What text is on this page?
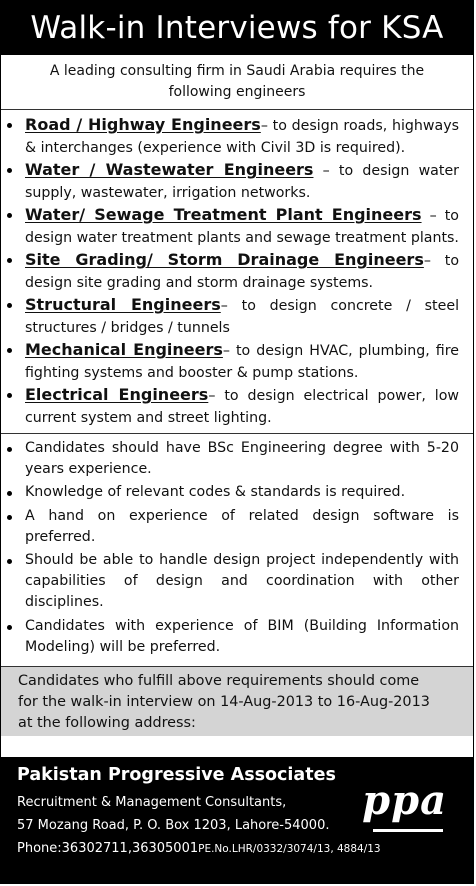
Walk-in Interviews for KSA
A leading consulting firm in Saudi Arabia requires the
following engineers
Road / Highway Engineers– to design roads, highways & interchanges (experience with Civil 3D is required).
Water / Wastewater Engineers – to design water supply, wastewater, irrigation networks.
Water/ Sewage Treatment Plant Engineers – to design water treatment plants and sewage treatment plants.
Site Grading/ Storm Drainage Engineers– to design site grading and storm drainage systems.
Structural Engineers– to design concrete / steel structures / bridges / tunnels
Mechanical Engineers– to design HVAC, plumbing, fire fighting systems and booster & pump stations.
Electrical Engineers– to design electrical power, low current system and street lighting.
Candidates should have BSc Engineering degree with 5-20 years experience.
Knowledge of relevant codes & standards is required.
A hand on experience of related design software is preferred.
Should be able to handle design project independently with capabilities of design and coordination with other disciplines.
Candidates with experience of BIM (Building Information Modeling) will be preferred.
Candidates who fulfill above requirements should come
for the walk-in interview on 14-Aug-2013 to 16-Aug-2013
at the following address:
Pakistan Progressive Associates
Recruitment & Management Consultants,
57 Mozang Road, P. O. Box 1203, Lahore-54000.
Phone:36302711,36305001PE.No.LHR/0332/3074/13, 4884/13
ppa
